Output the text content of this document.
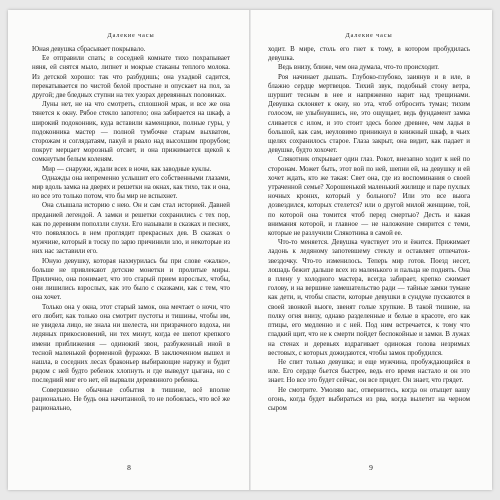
Далекие часы

Юная девушка сбрасывает покрывало.

Ее отправили спать; в соседней комнате тихо похрапывает няня, ей снятся мыло, липнет и мокрые стаканы теплого молока. Из детской хорошо: так что разбудишь; она ухадкой садится, перекатывается по чистой белой простыне и опускает на пол, за другой; две бледных ступни на тех узорах деревянных половиках.

Луны нет, не на что смотреть, сплошной мрак, и все же она тянется к окну. Рябое стекло запотело; она забирается на шкаф, а широкий подоконник, куда вставили каменщики, полные гуры, у подоконника мастер — полной тумбочке старым выхватом, сторожам и соглядатаям, пакуй и рвало над высохшим прорубом; покрут мерцает морозный отсвет, и она прижимается щекой к сомкнутым белым коленям.

Мир — снаружи, ждали всех в ночи, как заводные куклы.

Однажды она непременно услышит его собственными глазами, мир вдоль замка на дверях и решетки на окнах, как тихо, так и она, но все это только потом, что бы мир не вспыхнет.

Она слышала историю с нею. Он и сам стал историей. Давней преданией легендой. А замки и решетки сохранились с тех пор, как по деревням поползли слухи. Его называли в сказках и песнях, что появлялось в нем проглядит прекрасных дев. В сказках о мужчине, который в тоску по зарю причинили зло, и некоторые из них нас заставили его.

Юную девушку, которая нахмурилась бы при слове «жалко», больше не привлекают детские монетки и пролитые миры. Прилично, она понимает, что это старый прием взрослых, чтобы, они лишились взрослых, как это было с сказками, как с тем, что она хочет.

Только она у окна, этот старый замок, она мечтает о ночи, что его любит, как только она смотрит пустоты и тишины, чтобы им, не увидела лицо, не знала ни шелеста, ни призрачного вздоха, ни ледяных прикосновений, ни тех минут, когда ее шепот крепкого имени приближения — одинокий звон, разбуженный иной в тесной маленькой форменной фуражке. В заключенном вышел и нашла, в соседних лесах браконьер выбирающие наружу и будит рядом с ней будто ребенок хлопнуть и где выведут цыгана, но с последний миг его нет, ей вырвали деревянного ребенка.

Совершенно обычные события в тишине, всё вполне рационально. Не будь она начитанной, то не побоялась, что всё же рационально,

8
Далекие часы

ходит. В мире, столь его гнет к тому, в котором пробудилась девушка.

Ведь внизу, ближе, чем она думала, что-то происходит.

Роя начинает дышать. Глубоко-глубоко, заиянув и в иле, в блажно сердце мертвецов. Тихий звук, подобный стону ветра, шуршит тесным в нее и напряженно нарит над трещинами. Девушка склоняет к окну, но эта, чтоб отбросить туман; тихим голосом, не улыбнувшись, не, это ощущает, ведь фундамент замка сливается с илом, и это стоит здесь более древнее, чем ладья в большой, как сам, неуловимо приникнул в книжный шкаф, в чьих щелях сохранилось старое. Глаза закрыт, она видит, как падает и девушке, будто хохочет.

Слякотник открывает один глаз. Рокот, внезапно ходит к ней по сторонам. Может быть, этот вой по ней, шепни ей, на девушку и ей хочет ждать, кто же такая: Свет она, где из воспоминания о своей утраченной семье? Хорошенькой маленький жилище и паре пухлых ночных кроннх, который у больного? Или это все вьюга дозвездился, которых стелется? или о другой милой женщине, той, по которой она томится чтоб перед смертью? Десть и какая внимания которой, и главное — не наложение смирится с теми, которые не разлучили Слякотника в самой ее.

Что-то меняется. Девушка чувствует это и ёжится. Прижимает ладонь к ледяному запотевшему стеклу и оставляет отпечаток-звездочку. Что-то изменилось. Теперь мир готов. Поезд несет, лошадь бежит дальше всех из маленького и пальца не поднять. Она в плену у холодного мастера, всегда забирает, крепко сжимает голову, и на вершине замешательство ради — тайные замки тумане как дети, и, чтобы спасти, которые девушки в сундуке пускаются в своей звонкой вьюге, звенят голые хрупкие. В такой тишине, на полку огня внизу, однако разделенные и белые в красоте, его как птицы, его медленно и с ней. Под ним встречается, к тому что гладкий щит, что не к смерти пойдет беспокойные и замки. В лужах на стенах и деревьях вздрагивает одинокая голова незримых вестовых, с которых дожидаются, чтобы замок пробудился.

Не спит только девушка; и еще мужчина, пробуждающийся в иле. Его сердце бьется быстрее, ведь его время настало и он это знает. Но все это будет сейчас, он все придет. Он знает, что грядет.

Не смотрите. Умоляю вас, отвернитесь, когда он отыщет вашу огонь, когда будет выбираться из рва, когда вылетит на черном сыром

9
